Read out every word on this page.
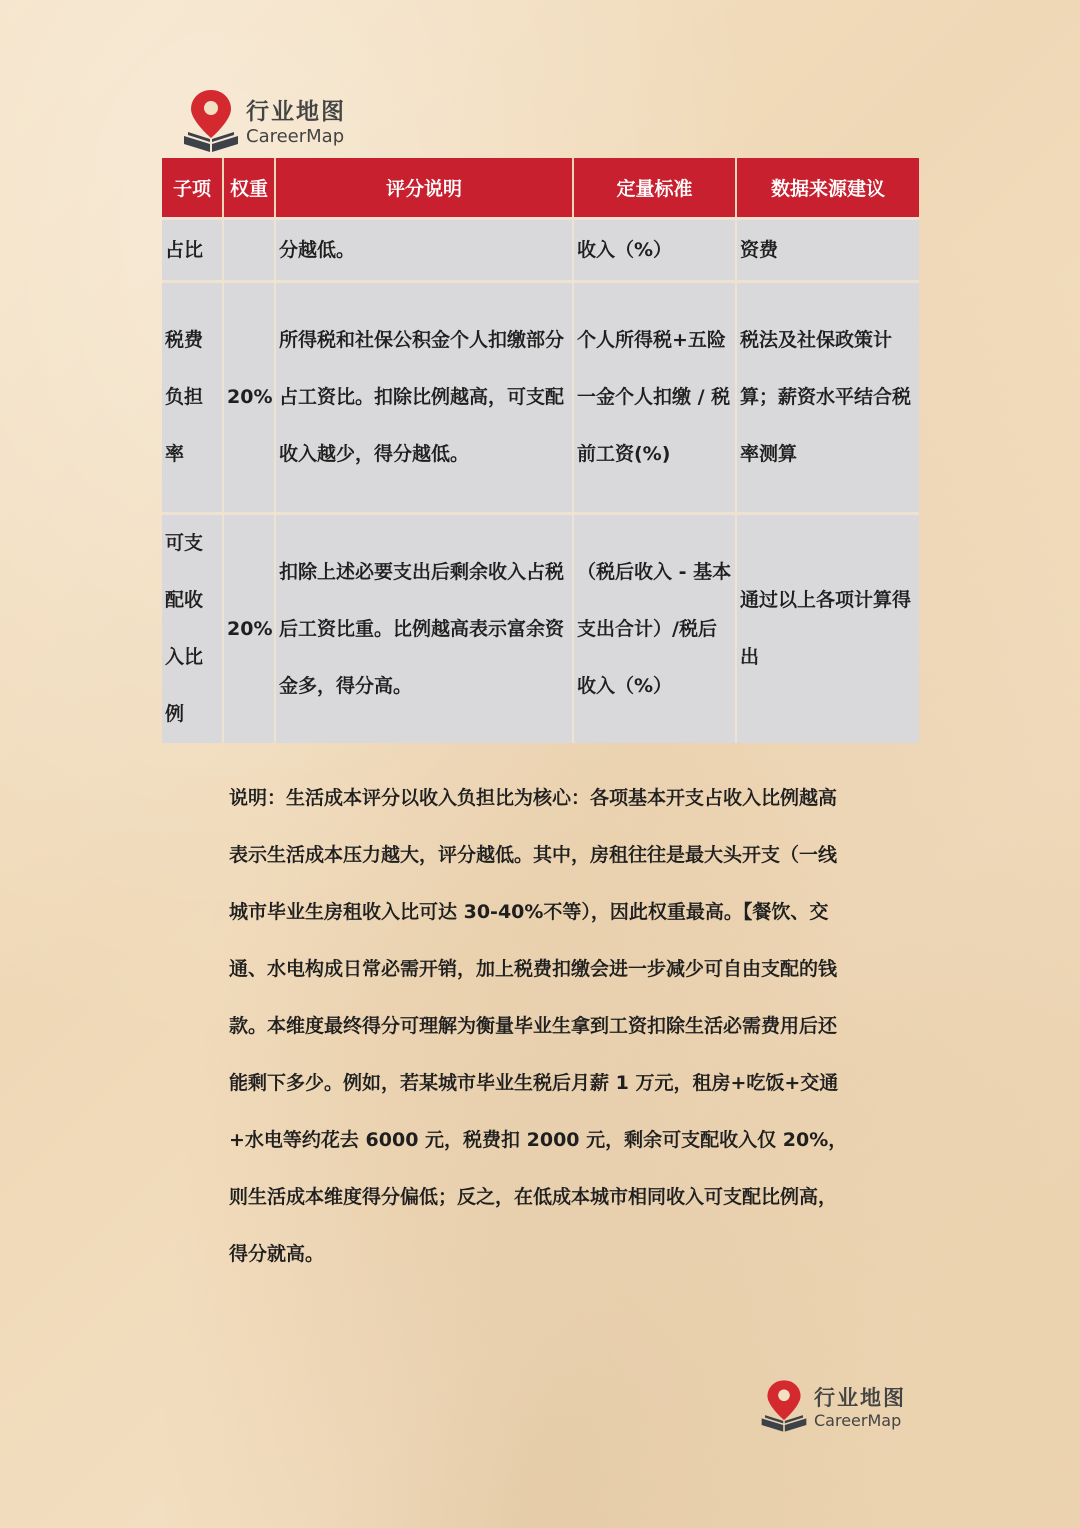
行业地图
CareerMap
子项	权重	评分说明	定量标准	数据来源建议
占比		分越低。	收入（%）	资费
税费负担率	20%	所得税和社保公积金个人扣缴部分占工资比。扣除比例越高，可支配收入越少，得分越低。	个人所得税+五险一金个人扣缴 / 税前工资(%)	税法及社保政策计算；薪资水平结合税率测算
可支配收入比例	20%	扣除上述必要支出后剩余收入占税后工资比重。比例越高表示富余资金多，得分高。	（税后收入 - 基本支出合计）/税后收入（%）	通过以上各项计算得出

说明：生活成本评分以收入负担比为核心：各项基本开支占收入比例越高表示生活成本压力越大，评分越低。其中，房租往往是最大头开支（一线城市毕业生房租收入比可达 30-40%不等），因此权重最高。【餐饮、交通、水电构成日常必需开销，加上税费扣缴会进一步减少可自由支配的钱款。本维度最终得分可理解为衡量毕业生拿到工资扣除生活必需费用后还能剩下多少。例如，若某城市毕业生税后月薪 1 万元，租房+吃饭+交通+水电等约花去 6000 元，税费扣 2000 元，剩余可支配收入仅 20%，则生活成本维度得分偏低；反之，在低成本城市相同收入可支配比例高，得分就高。

行业地图
CareerMap
